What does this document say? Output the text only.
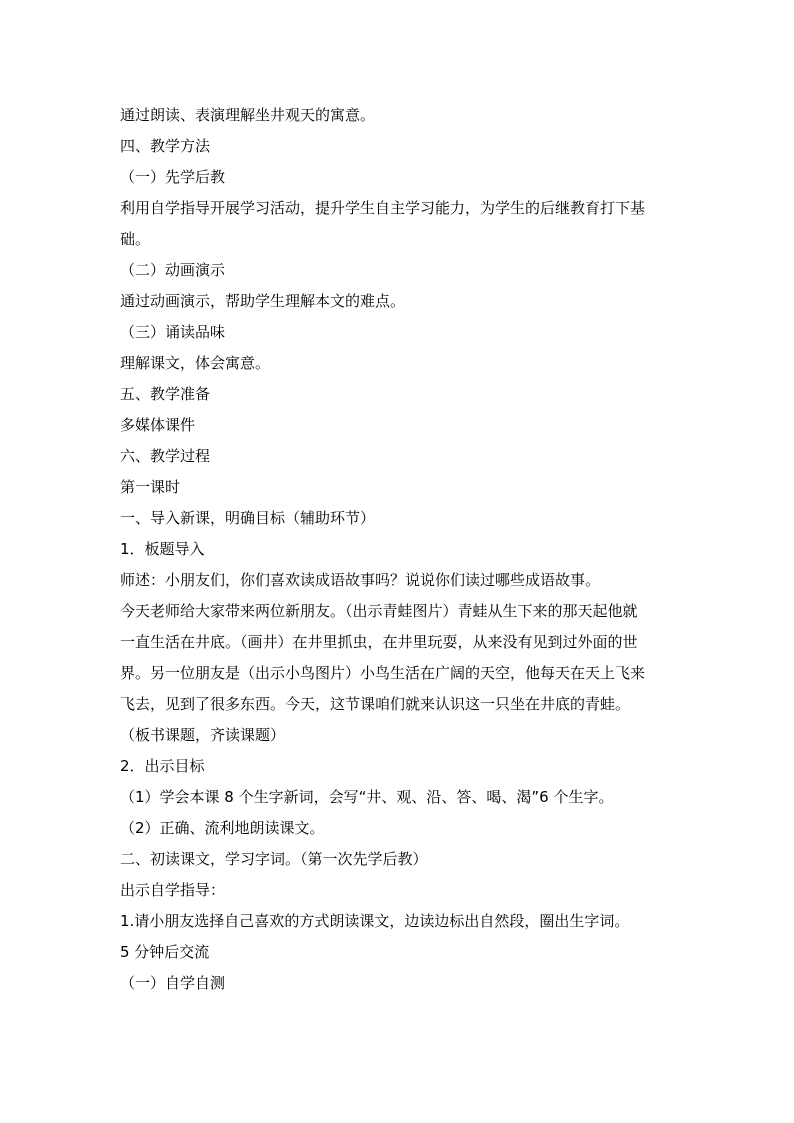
通过朗读、表演理解坐井观天的寓意。

四、教学方法

（一）先学后教

利用自学指导开展学习活动，提升学生自主学习能力，为学生的后继教育打下基

础。

（二）动画演示

通过动画演示，帮助学生理解本文的难点。

（三）诵读品味

理解课文，体会寓意。

五、教学准备

多媒体课件

六、教学过程

第一课时

一、导入新课，明确目标（辅助环节）

1．板题导入

师述：小朋友们，你们喜欢读成语故事吗？说说你们读过哪些成语故事。

今天老师给大家带来两位新朋友。（出示青蛙图片）青蛙从生下来的那天起他就

一直生活在井底。（画井）在井里抓虫，在井里玩耍，从来没有见到过外面的世

界。另一位朋友是（出示小鸟图片）小鸟生活在广阔的天空，他每天在天上飞来

飞去，见到了很多东西。今天，这节课咱们就来认识这一只坐在井底的青蛙。

（板书课题，齐读课题）

2．出示目标

（1）学会本课 8 个生字新词，会写“井、观、沿、答、喝、渴”6 个生字。

（2）正确、流利地朗读课文。

二、初读课文，学习字词。（第一次先学后教）

出示自学指导：

1.请小朋友选择自己喜欢的方式朗读课文，边读边标出自然段，圈出生字词。

5 分钟后交流

（一）自学自测
